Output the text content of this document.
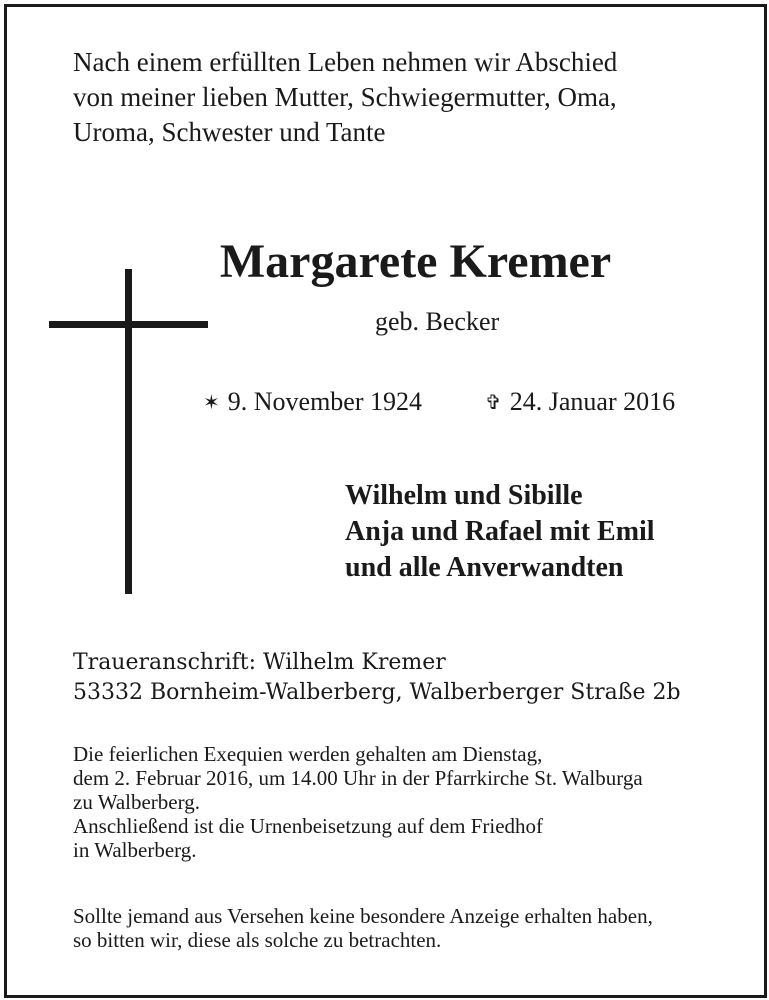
Nach einem erfüllten Leben nehmen wir Abschied
von meiner lieben Mutter, Schwiegermutter, Oma,
Uroma, Schwester und Tante
Margarete Kremer
geb. Becker
✶ 9. November 1924	✞ 24. Januar 2016
Wilhelm und Sibille
Anja und Rafael mit Emil
und alle Anverwandten
Traueranschrift: Wilhelm Kremer
53332 Bornheim-Walberberg, Walberberger Straße 2b
Die feierlichen Exequien werden gehalten am Dienstag,
dem 2. Februar 2016, um 14.00 Uhr in der Pfarrkirche St. Walburga
zu Walberberg.
Anschließend ist die Urnenbeisetzung auf dem Friedhof
in Walberberg.
Sollte jemand aus Versehen keine besondere Anzeige erhalten haben,
so bitten wir, diese als solche zu betrachten.
